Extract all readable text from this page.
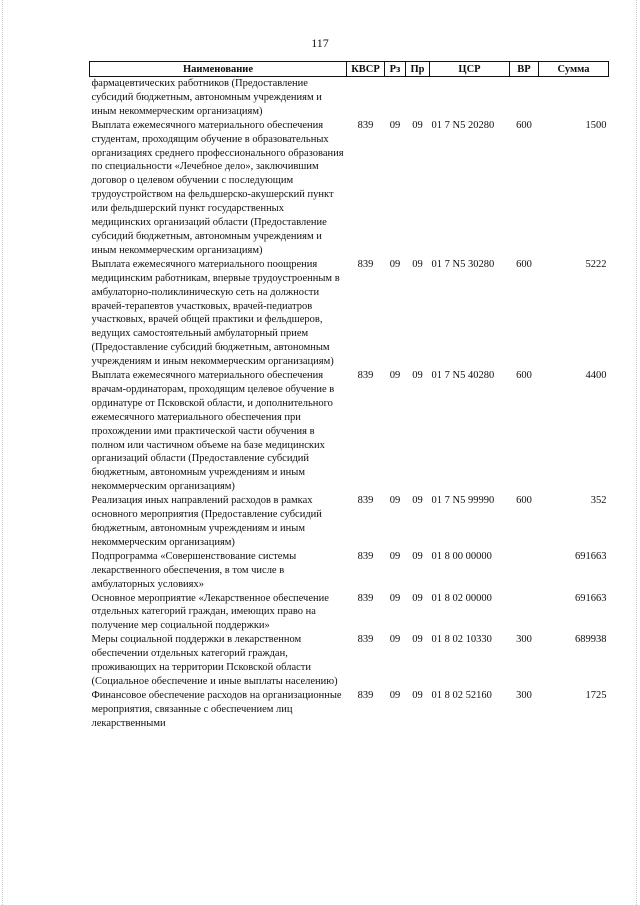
117
Наименование	КВСР	Рз	Пр	ЦСР	ВР	Сумма
фармацевтических работников (Предоставление субсидий бюджетным, автономным учреждениям и иным некоммерческим организациям)						
Выплата ежемесячного материального обеспечения студентам, проходящим обучение в образовательных организациях среднего профессионального образования по специальности «Лечебное дело», заключившим договор о целевом обучении с последующим трудоустройством на фельдшерско-акушерский пункт или фельдшерский пункт государственных медицинских организаций области (Предоставление субсидий бюджетным, автономным учреждениям и иным некоммерческим организациям)	839	09	09	01 7 N5 20280	600	1500
Выплата ежемесячного материального поощрения медицинским работникам, впервые трудоустроенным в амбулаторно-поликлиническую сеть на должности врачей-терапевтов участковых, врачей-педиатров участковых, врачей общей практики и фельдшеров, ведущих самостоятельный амбулаторный прием (Предоставление субсидий бюджетным, автономным учреждениям и иным некоммерческим организациям)	839	09	09	01 7 N5 30280	600	5222
Выплата ежемесячного материального обеспечения врачам-ординаторам, проходящим целевое обучение в ординатуре от Псковской области, и дополнительного ежемесячного материального обеспечения при прохождении ими практической части обучения в полном или частичном объеме на базе медицинских организаций области (Предоставление субсидий бюджетным, автономным учреждениям и иным некоммерческим организациям)	839	09	09	01 7 N5 40280	600	4400
Реализация иных направлений расходов в рамках основного мероприятия (Предоставление субсидий бюджетным, автономным учреждениям и иным некоммерческим организациям)	839	09	09	01 7 N5 99990	600	352
Подпрограмма «Совершенствование системы лекарственного обеспечения, в том числе в амбулаторных условиях»	839	09	09	01 8 00 00000		691663
Основное мероприятие «Лекарственное обеспечение отдельных категорий граждан, имеющих право на получение мер социальной поддержки»	839	09	09	01 8 02 00000		691663
Меры социальной поддержки в лекарственном обеспечении отдельных категорий граждан, проживающих на территории Псковской области (Социальное обеспечение и иные выплаты населению)	839	09	09	01 8 02 10330	300	689938
Финансовое обеспечение расходов на организационные мероприятия, связанные с обеспечением лиц лекарственными	839	09	09	01 8 02 52160	300	1725
